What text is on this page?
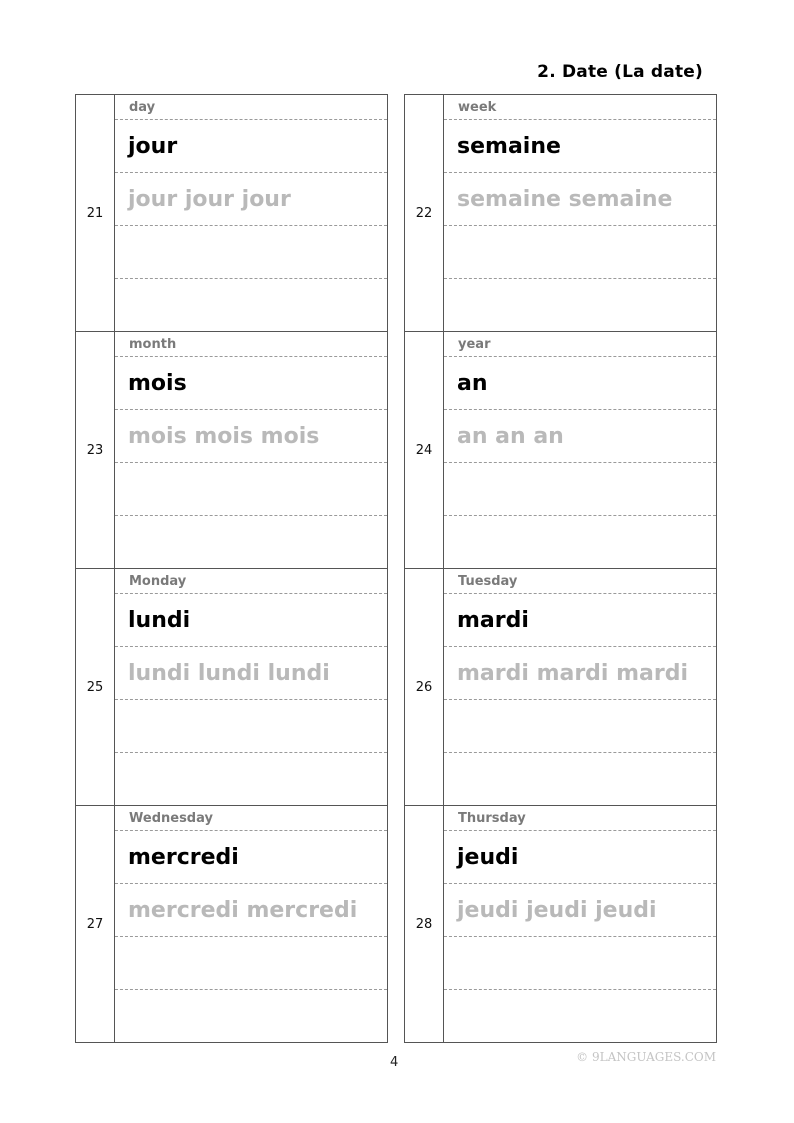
2. Date (La date)
21
day
jour
jour jour jour
23
month
mois
mois mois mois
25
Monday
lundi
lundi lundi lundi
27
Wednesday
mercredi
mercredi mercredi
22
week
semaine
semaine semaine
24
year
an
an an an
26
Tuesday
mardi
mardi mardi mardi
28
Thursday
jeudi
jeudi jeudi jeudi
4	© 9LANGUAGES.COM
